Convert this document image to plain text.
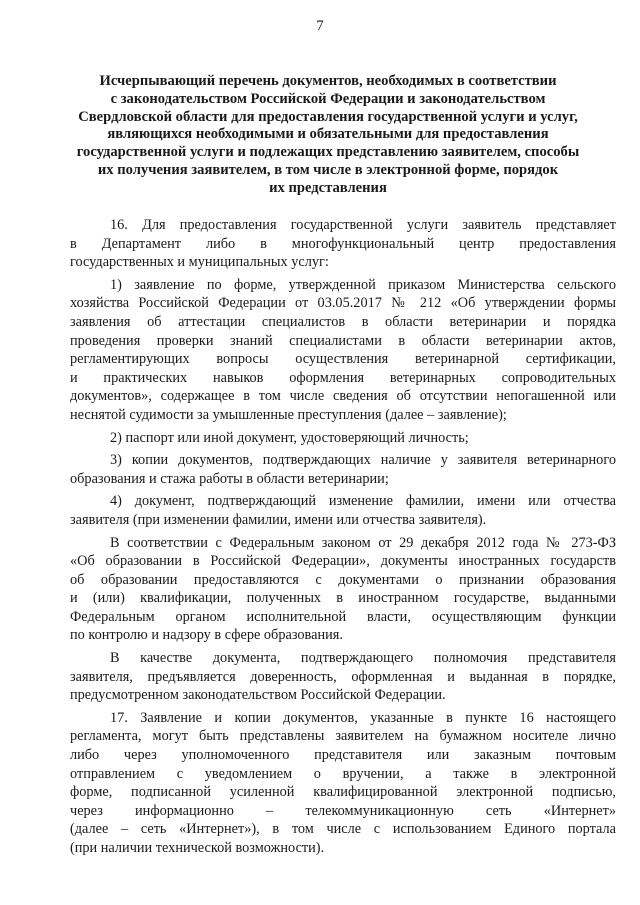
7
Исчерпывающий перечень документов, необходимых в соответствии
с законодательством Российской Федерации и законодательством
Свердловской области для предоставления государственной услуги и услуг,
являющихся необходимыми и обязательными для предоставления
государственной услуги и подлежащих представлению заявителем, способы
их получения заявителем, в том числе в электронной форме, порядок
их представления
16. Для предоставления государственной услуги заявитель представляет
в Департамент либо в многофункциональный центр предоставления
государственных и муниципальных услуг:
1) заявление по форме, утвержденной приказом Министерства сельского
хозяйства Российской Федерации от 03.05.2017 № 212 «Об утверждении формы
заявления об аттестации специалистов в области ветеринарии и порядка
проведения проверки знаний специалистами в области ветеринарии актов,
регламентирующих вопросы осуществления ветеринарной сертификации,
и практических навыков оформления ветеринарных сопроводительных
документов», содержащее в том числе сведения об отсутствии непогашенной или
неснятой судимости за умышленные преступления (далее – заявление);
2) паспорт или иной документ, удостоверяющий личность;
3) копии документов, подтверждающих наличие у заявителя ветеринарного
образования и стажа работы в области ветеринарии;
4) документ, подтверждающий изменение фамилии, имени или отчества
заявителя (при изменении фамилии, имени или отчества заявителя).
В соответствии с Федеральным законом от 29 декабря 2012 года № 273-ФЗ
«Об образовании в Российской Федерации», документы иностранных государств
об образовании предоставляются с документами о признании образования
и (или) квалификации, полученных в иностранном государстве, выданными
Федеральным органом исполнительной власти, осуществляющим функции
по контролю и надзору в сфере образования.
В качестве документа, подтверждающего полномочия представителя
заявителя, предъявляется доверенность, оформленная и выданная в порядке,
предусмотренном законодательством Российской Федерации.
17. Заявление и копии документов, указанные в пункте 16 настоящего
регламента, могут быть представлены заявителем на бумажном носителе лично
либо через уполномоченного представителя или заказным почтовым
отправлением с уведомлением о вручении, а также в электронной
форме, подписанной усиленной квалифицированной электронной подписью,
через информационно – телекоммуникационную сеть «Интернет»
(далее – сеть «Интернет»), в том числе с использованием Единого портала
(при наличии технической возможности).
